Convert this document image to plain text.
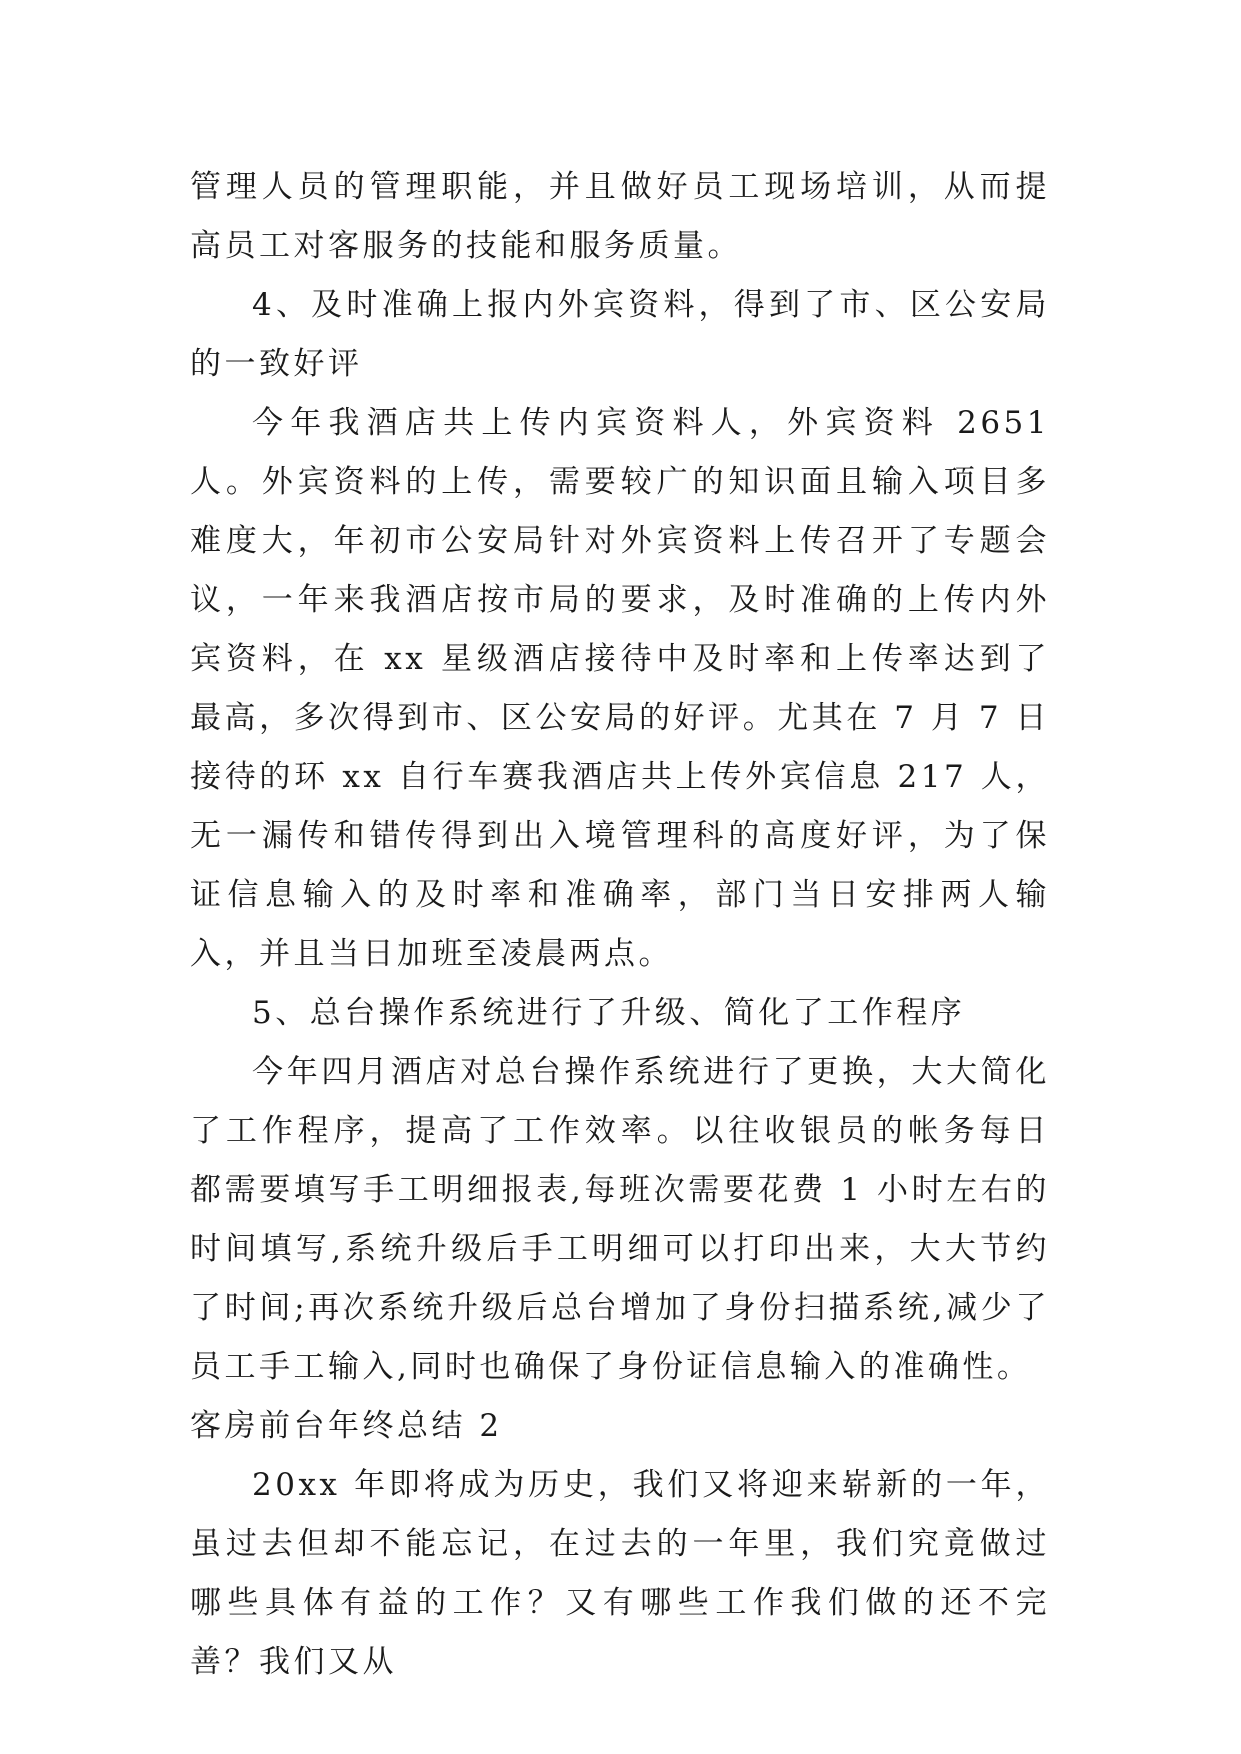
管理人员的管理职能，并且做好员工现场培训，从而提高员工对客服务的技能和服务质量。

4、及时准确上报内外宾资料，得到了市、区公安局的一致好评

今年我酒店共上传内宾资料人，外宾资料 2651 人。外宾资料的上传，需要较广的知识面且输入项目多难度大，年初市公安局针对外宾资料上传召开了专题会议，一年来我酒店按市局的要求，及时准确的上传内外宾资料，在 xx 星级酒店接待中及时率和上传率达到了最高，多次得到市、区公安局的好评。尤其在 7 月 7 日接待的环 xx 自行车赛我酒店共上传外宾信息 217 人，无一漏传和错传得到出入境管理科的高度好评，为了保证信息输入的及时率和准确率，部门当日安排两人输入，并且当日加班至凌晨两点。

5、总台操作系统进行了升级、简化了工作程序

今年四月酒店对总台操作系统进行了更换，大大简化了工作程序，提高了工作效率。以往收银员的帐务每日都需要填写手工明细报表,每班次需要花费 1 小时左右的时间填写,系统升级后手工明细可以打印出来，大大节约了时间;再次系统升级后总台增加了身份扫描系统,减少了员工手工输入,同时也确保了身份证信息输入的准确性。

客房前台年终总结 2

20xx 年即将成为历史，我们又将迎来崭新的一年，虽过去但却不能忘记，在过去的一年里，我们究竟做过哪些具体有益的工作？又有哪些工作我们做的还不完善？我们又从
